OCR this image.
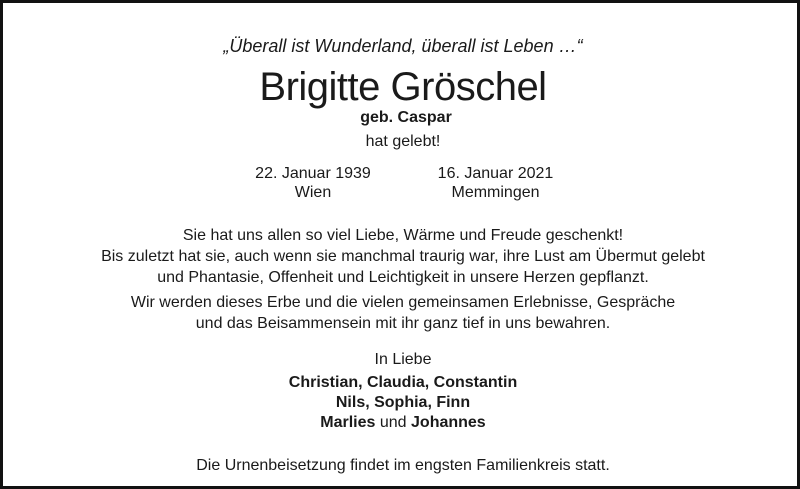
„Überall ist Wunderland, überall ist Leben …“
Brigitte Gröschel
geb. Caspar
hat gelebt!
22. Januar 1939
Wien
16. Januar 2021
Memmingen
Sie hat uns allen so viel Liebe, Wärme und Freude geschenkt!
Bis zuletzt hat sie, auch wenn sie manchmal traurig war, ihre Lust am Übermut gelebt
und Phantasie, Offenheit und Leichtigkeit in unsere Herzen gepflanzt.
Wir werden dieses Erbe und die vielen gemeinsamen Erlebnisse, Gespräche
und das Beisammensein mit ihr ganz tief in uns bewahren.
In Liebe
Christian, Claudia, Constantin
Nils, Sophia, Finn
Marlies und Johannes
Die Urnenbeisetzung findet im engsten Familienkreis statt.
